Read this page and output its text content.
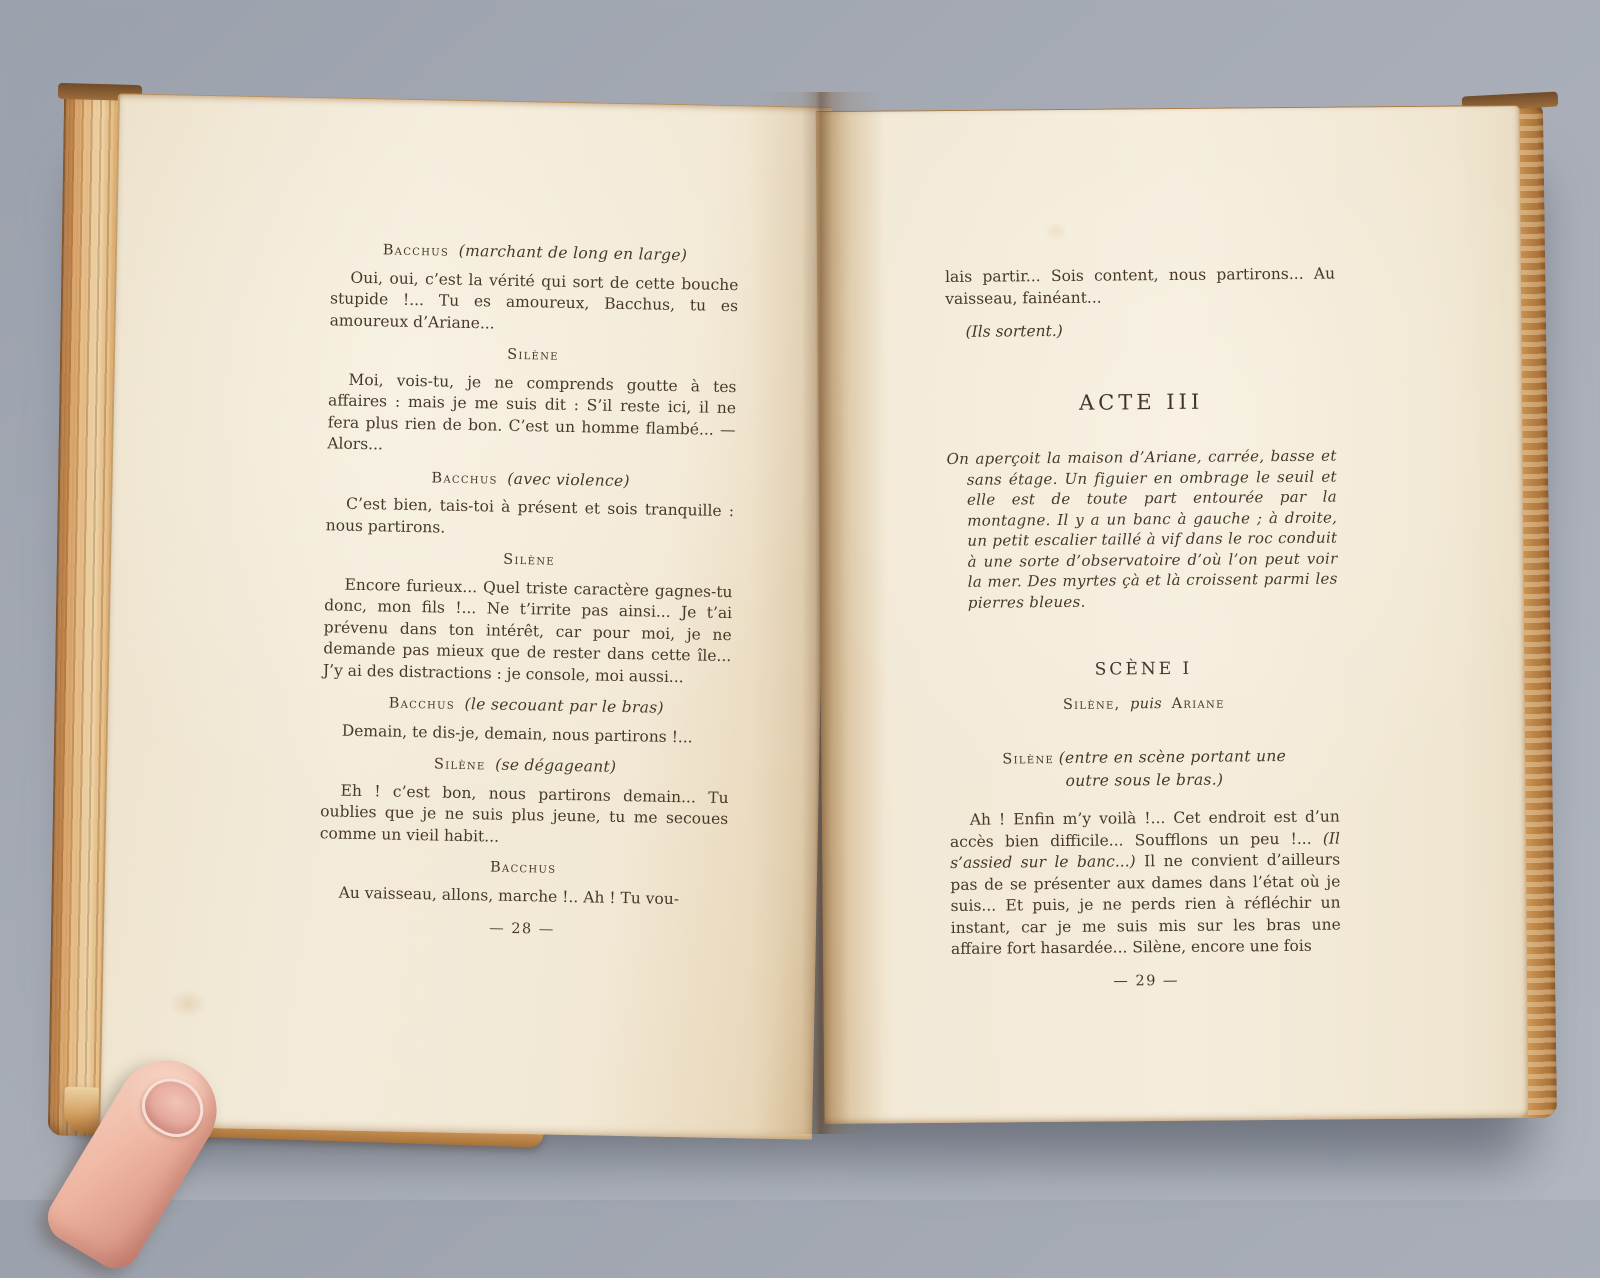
Bacchus (marchant de long en large)

Oui, oui, c’est la vérité qui sort de cette bouche stupide !... Tu es amoureux, Bacchus, tu es amoureux d’Ariane...

Silène

Moi, vois-tu, je ne comprends goutte à tes affaires : mais je me suis dit : S’il reste ici, il ne fera plus rien de bon. C’est un homme flambé... — Alors...

Bacchus (avec violence)

C’est bien, tais-toi à présent et sois tranquille : nous partirons.

Silène

Encore furieux... Quel triste caractère gagnes-tu donc, mon fils !... Ne t’irrite pas ainsi... Je t’ai prévenu dans ton intérêt, car pour moi, je ne demande pas mieux que de rester dans cette île... J’y ai des distractions : je console, moi aussi...

Bacchus (le secouant par le bras)

Demain, te dis-je, demain, nous partirons !...

Silène (se dégageant)

Eh ! c’est bon, nous partirons demain... Tu oublies que je ne suis plus jeune, tu me secoues comme un vieil habit...

Bacchus

Au vaisseau, allons, marche !.. Ah ! Tu vou-

— 28 —

lais partir... Sois content, nous partirons... Au vaisseau, fainéant...

(Ils sortent.)

ACTE III

On aperçoit la maison d’Ariane, carrée, basse et sans étage. Un figuier en ombrage le seuil et elle est de toute part entourée par la montagne. Il y a un banc à gauche ; à droite, un petit escalier taillé à vif dans le roc conduit à une sorte d’observatoire d’où l’on peut voir la mer. Des myrtes çà et là croissent parmi les pierres bleues.

SCÈNE I
Silène, puis Ariane
Silène (entre en scène portant une outre sous le bras.)

Ah ! Enfin m’y voilà !... Cet endroit est d’un accès bien difficile... Soufflons un peu !... (Il s’assied sur le banc...) Il ne convient d’ailleurs pas de se présenter aux dames dans l’état où je suis... Et puis, je ne perds rien à réfléchir un instant, car je me suis mis sur les bras une affaire fort hasardée... Silène, encore une fois

— 29 —
